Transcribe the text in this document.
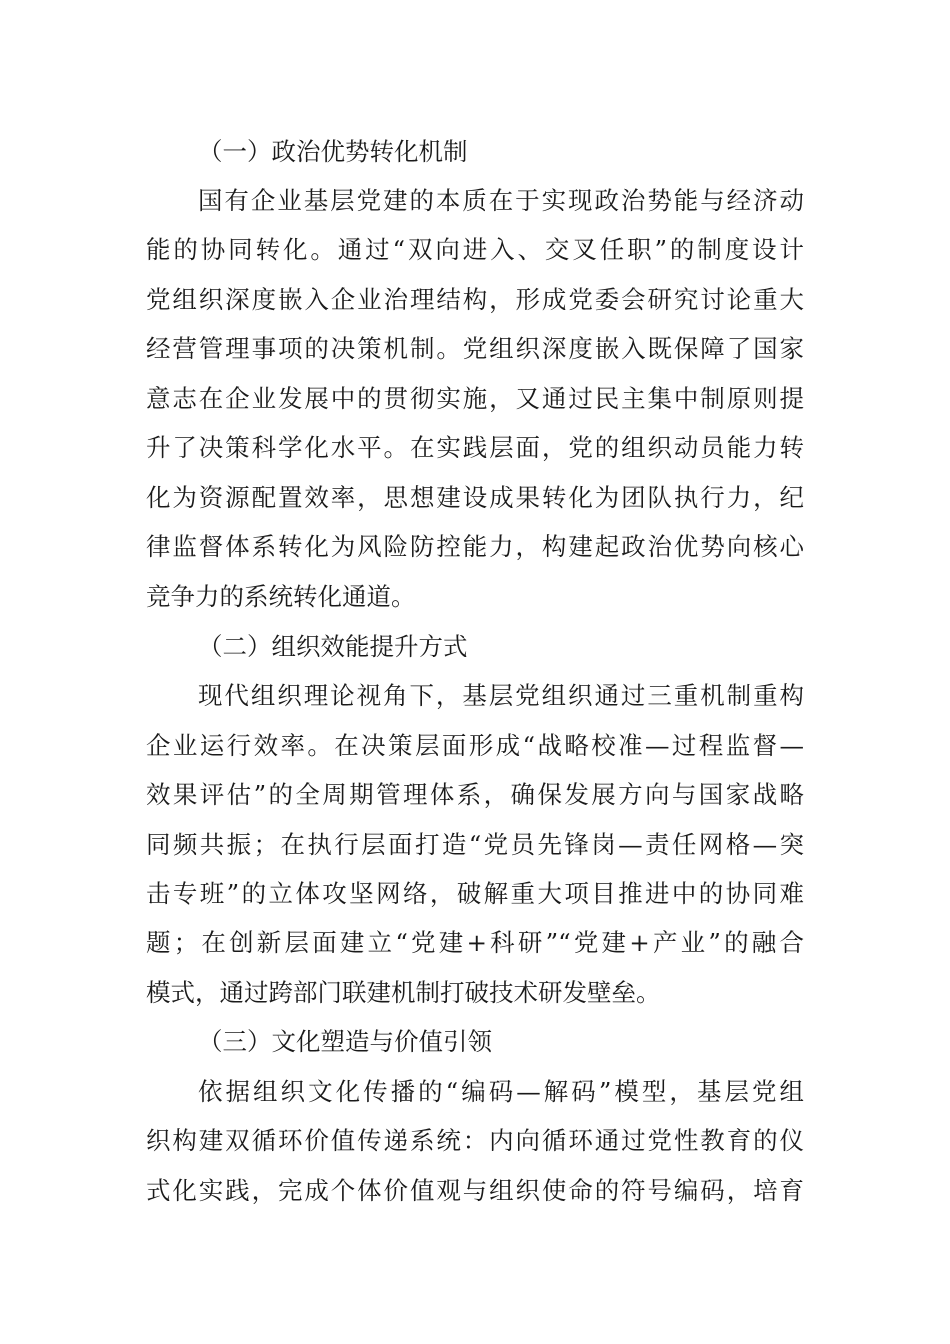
（一）政治优势转化机制
国有企业基层党建的本质在于实现政治势能与经济动
能的协同转化。通过“双向进入、交叉任职”的制度设计
党组织深度嵌入企业治理结构，形成党委会研究讨论重大
经营管理事项的决策机制。党组织深度嵌入既保障了国家
意志在企业发展中的贯彻实施，又通过民主集中制原则提
升了决策科学化水平。在实践层面，党的组织动员能力转
化为资源配置效率，思想建设成果转化为团队执行力，纪
律监督体系转化为风险防控能力，构建起政治优势向核心
竞争力的系统转化通道。
（二）组织效能提升方式
现代组织理论视角下，基层党组织通过三重机制重构
企业运行效率。在决策层面形成“战略校准—过程监督—
效果评估”的全周期管理体系，确保发展方向与国家战略
同频共振；在执行层面打造“党员先锋岗—责任网格—突
击专班”的立体攻坚网络，破解重大项目推进中的协同难
题；在创新层面建立“党建+科研”“党建+产业”的融合
模式，通过跨部门联建机制打破技术研发壁垒。
（三）文化塑造与价值引领
依据组织文化传播的“编码—解码”模型，基层党组
织构建双循环价值传递系统：内向循环通过党性教育的仪
式化实践，完成个体价值观与组织使命的符号编码，培育
